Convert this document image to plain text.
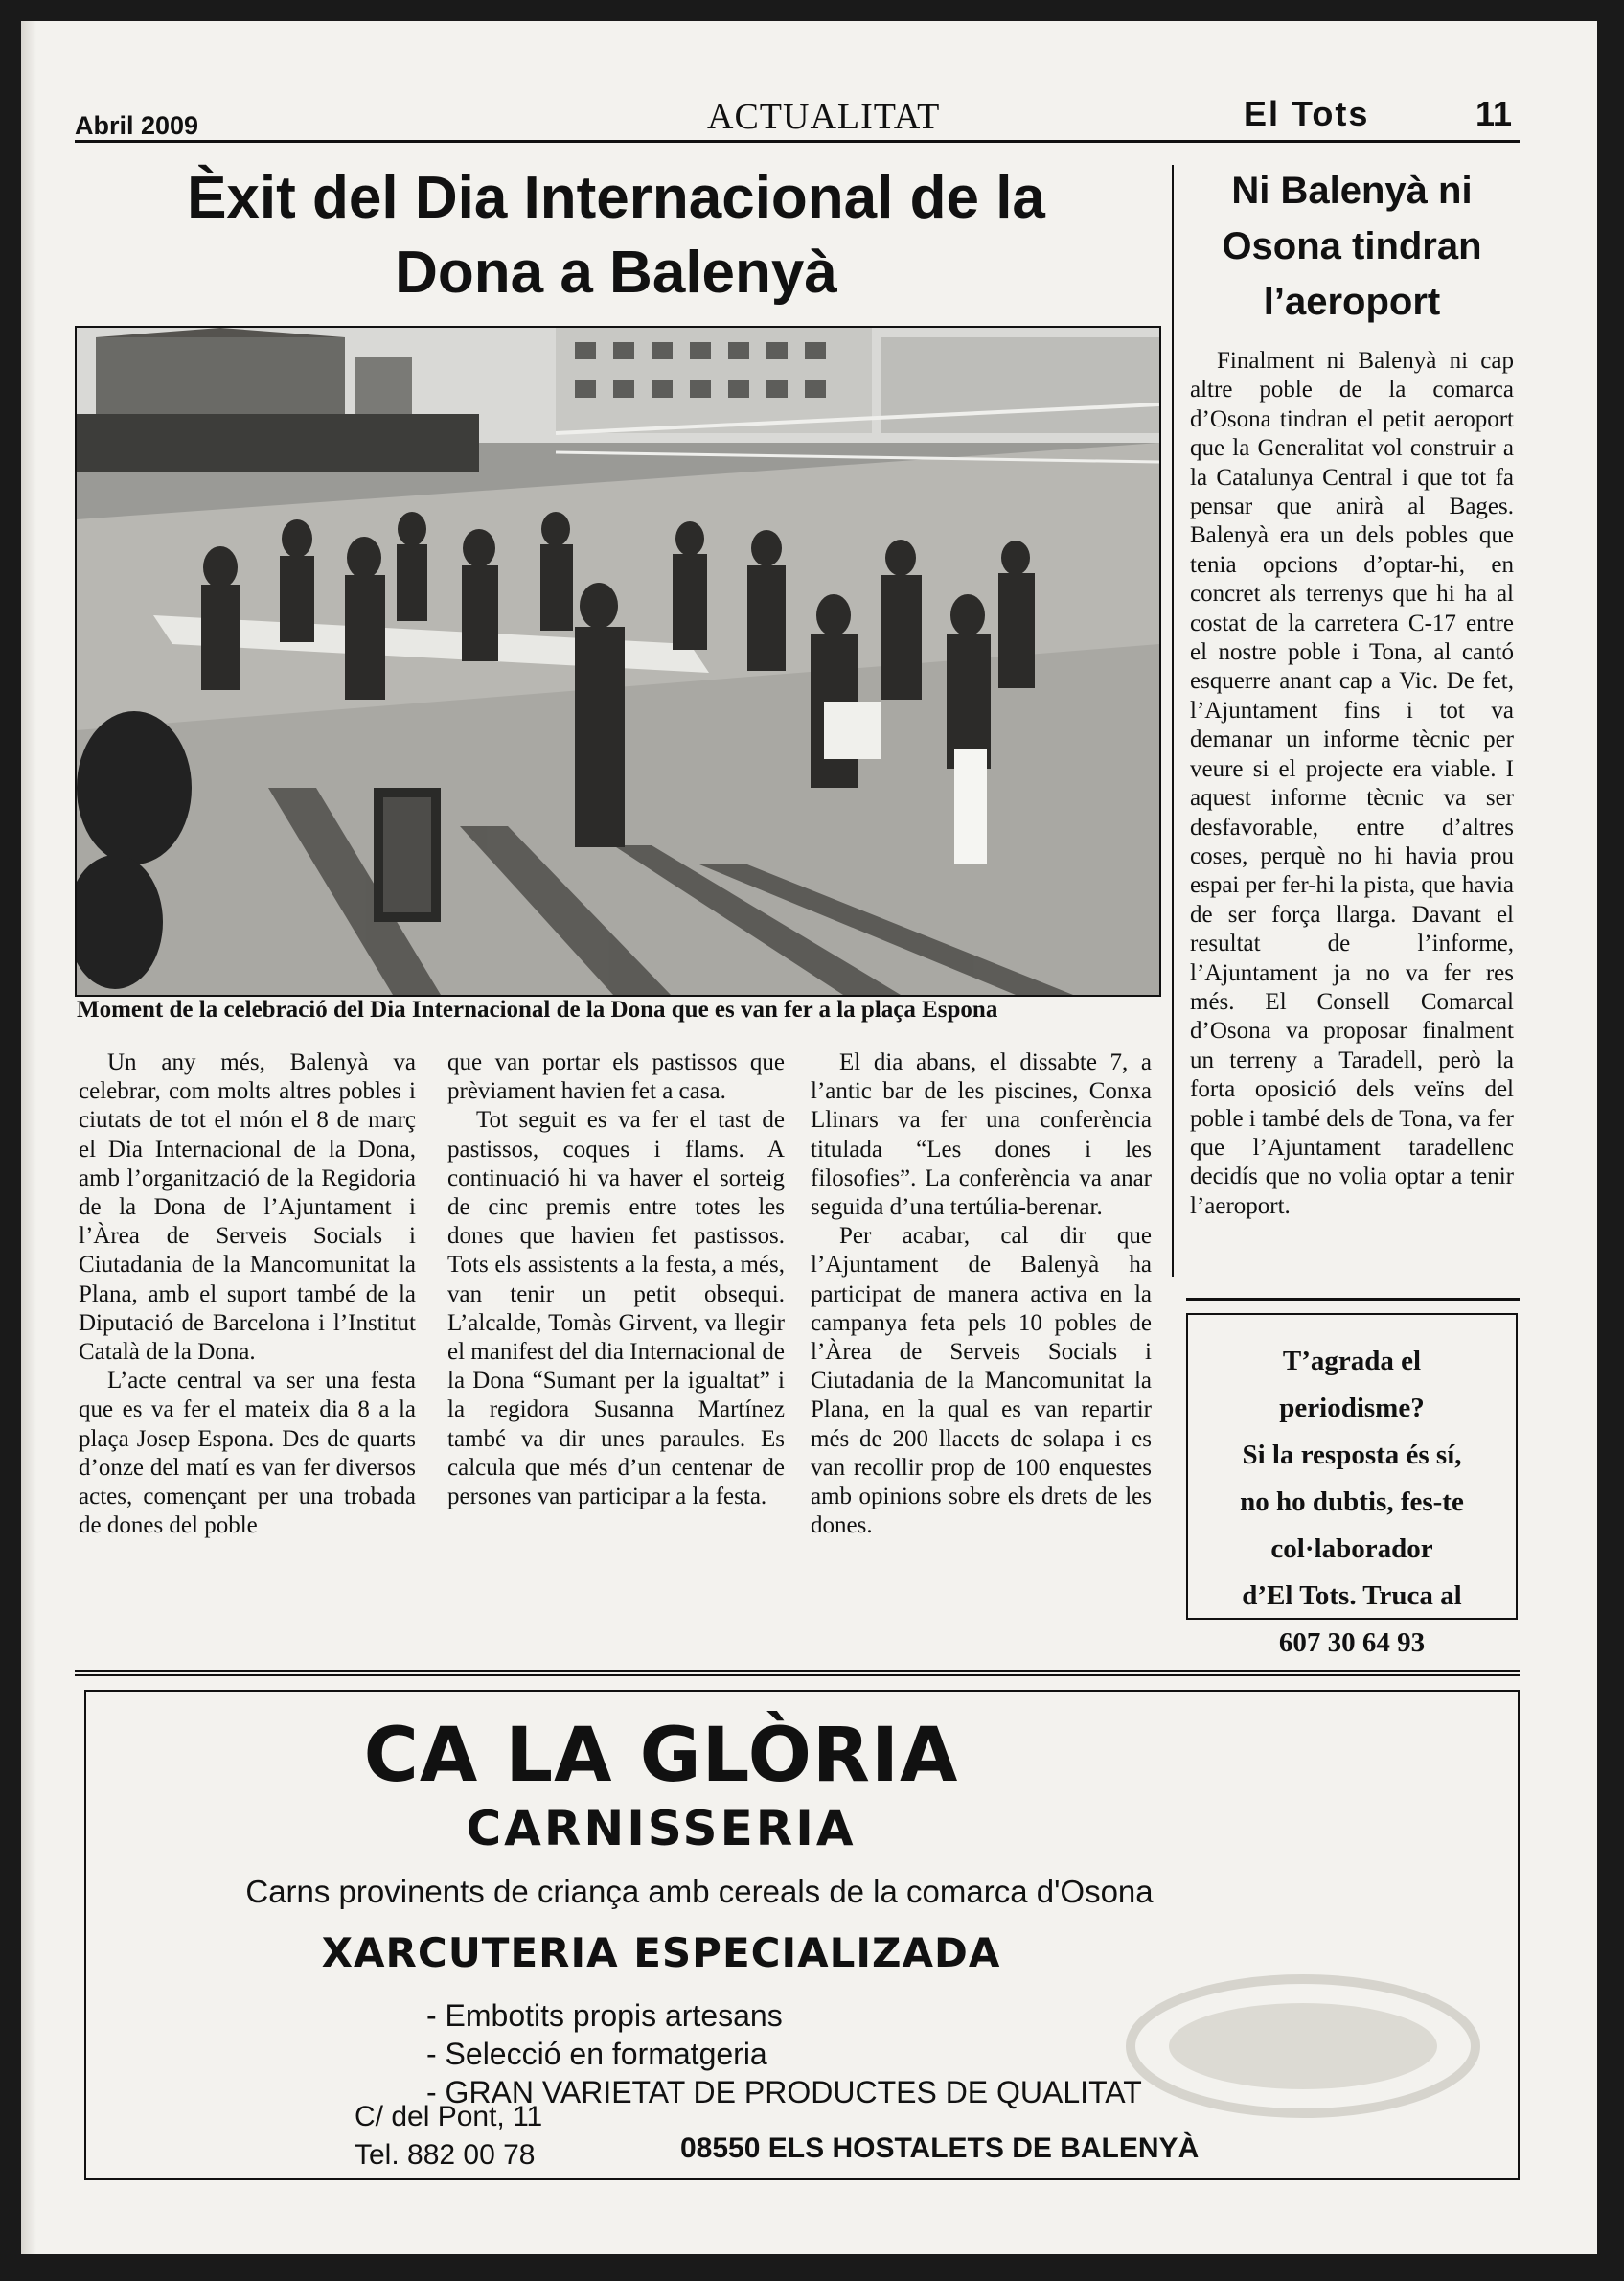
Abril 2009	ACTUALITAT	El Tots	11
Èxit del Dia Internacional de la
Dona a Balenyà
Moment de la celebració del Dia Internacional de la Dona que es van fer a la plaça Espona

Un any més, Balenyà va celebrar, com molts altres pobles i ciutats de tot el món el 8 de març el Dia Internacional de la Dona, amb l’organització de la Regidoria de la Dona de l’Ajuntament i l’Àrea de Serveis Socials i Ciutadania de la Mancomunitat la Plana, amb el suport també de la Diputació de Barcelona i l’Institut Català de la Dona.

L’acte central va ser una festa que es va fer el mateix dia 8 a la plaça Josep Espona. Des de quarts d’onze del matí es van fer diversos actes, començant per una trobada de dones del poble

que van portar els pastissos que prèviament havien fet a casa.

Tot seguit es va fer el tast de pastissos, coques i flams. A continuació hi va haver el sorteig de cinc premis entre totes les dones que havien fet pastissos. Tots els assistents a la festa, a més, van tenir un petit obsequi. L’alcalde, Tomàs Girvent, va llegir el manifest del dia Internacional de la Dona “Sumant per la igualtat” i la regidora Susanna Martínez també va dir unes paraules. Es calcula que més d’un centenar de persones van participar a la festa.

El dia abans, el dissabte 7, a l’antic bar de les piscines, Conxa Llinars va fer una conferència titulada “Les dones i les filosofies”. La conferència va anar seguida d’una tertúlia-berenar.

Per acabar, cal dir que l’Ajuntament de Balenyà ha participat de manera activa en la campanya feta pels 10 pobles de l’Àrea de Serveis Socials i Ciutadania de la Mancomunitat la Plana, en la qual es van repartir més de 200 llacets de solapa i es van recollir prop de 100 enquestes amb opinions sobre els drets de les dones.

Ni Balenyà ni
Osona tindran
l’aeroport

Finalment ni Balenyà ni cap altre poble de la comarca d’Osona tindran el petit aeroport que la Generalitat vol construir a la Catalunya Central i que tot fa pensar que anirà al Bages. Balenyà era un dels pobles que tenia opcions d’optar-hi, en concret als terrenys que hi ha al costat de la carretera C-17 entre el nostre poble i Tona, al cantó esquerre anant cap a Vic. De fet, l’Ajuntament fins i tot va demanar un informe tècnic per veure si el projecte era viable. I aquest informe tècnic va ser desfavorable, entre d’altres coses, perquè no hi havia prou espai per fer-hi la pista, que havia de ser força llarga. Davant el resultat de l’informe, l’Ajuntament ja no va fer res més. El Consell Comarcal d’Osona va proposar finalment un terreny a Taradell, però la forta oposició dels veïns del poble i també dels de Tona, va fer que l’Ajuntament taradellenc decidís que no volia optar a tenir l’aeroport.

T’agrada el
periodisme?
Si la resposta és sí,
no ho dubtis, fes-te
col·laborador
d’El Tots. Truca al
607 30 64 93
CA LA GLÒRIA
CARNISSERIA
Carns provinents de criança amb cereals de la comarca d'Osona
XARCUTERIA ESPECIALIZADA
- Embotits propis artesans
- Selecció en formatgeria
- GRAN VARIETAT DE PRODUCTES DE QUALITAT
C/ del Pont, 11
Tel. 882 00 78	08550 ELS HOSTALETS DE BALENYÀ
